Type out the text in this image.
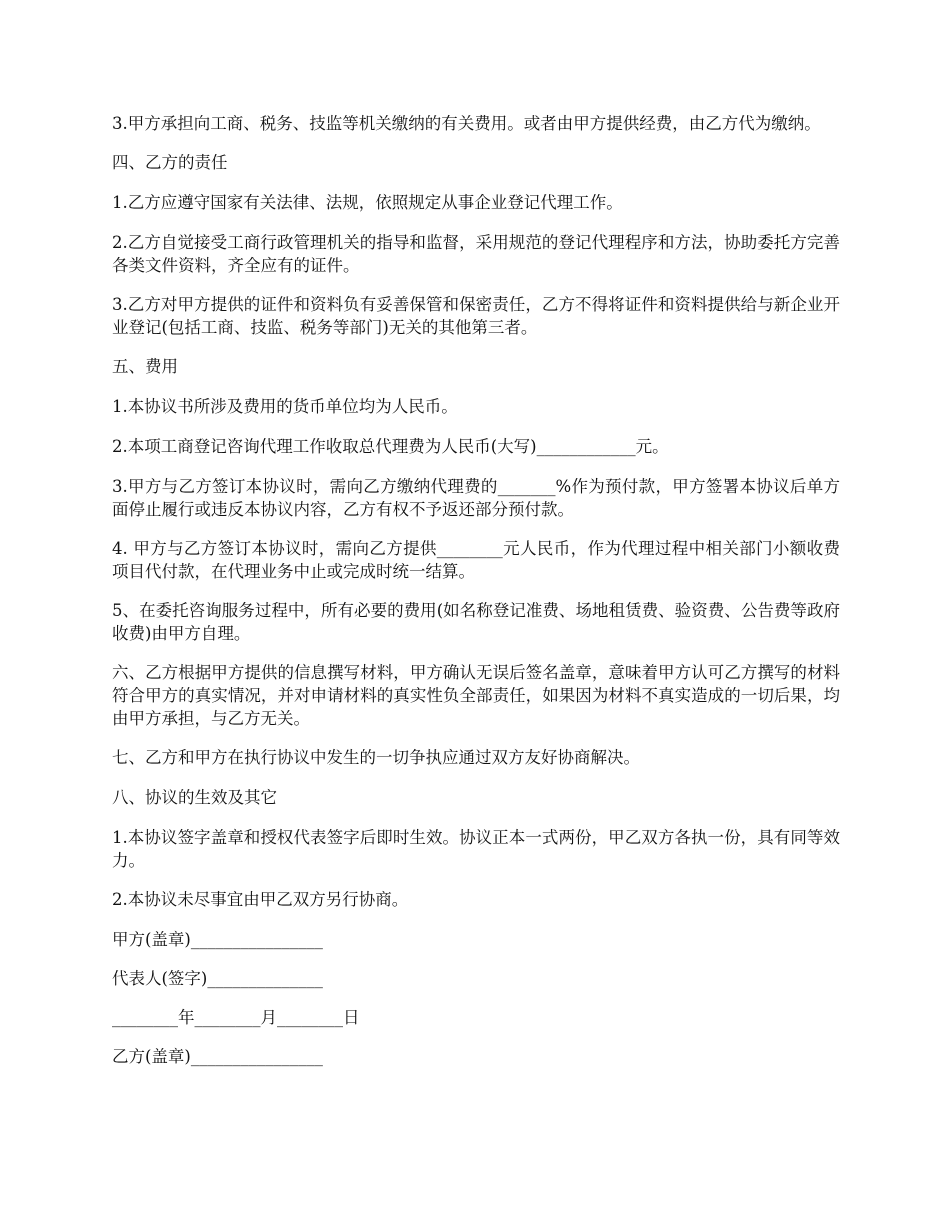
3.甲方承担向工商、税务、技监等机关缴纳的有关费用。或者由甲方提供经费，由乙方代为缴纳。

四、乙方的责任

1.乙方应遵守国家有关法律、法规，依照规定从事企业登记代理工作。

2.乙方自觉接受工商行政管理机关的指导和监督，采用规范的登记代理程序和方法，协助委托方完善各类文件资料，齐全应有的证件。

3.乙方对甲方提供的证件和资料负有妥善保管和保密责任，乙方不得将证件和资料提供给与新企业开业登记(包括工商、技监、税务等部门)无关的其他第三者。

五、费用

1.本协议书所涉及费用的货币单位均为人民币。

2.本项工商登记咨询代理工作收取总代理费为人民币(大写)____________元。

3.甲方与乙方签订本协议时，需向乙方缴纳代理费的_______%作为预付款，甲方签署本协议后单方面停止履行或违反本协议内容，乙方有权不予返还部分预付款。

4. 甲方与乙方签订本协议时，需向乙方提供________元人民币，作为代理过程中相关部门小额收费项目代付款，在代理业务中止或完成时统一结算。

5、在委托咨询服务过程中，所有必要的费用(如名称登记准费、场地租赁费、验资费、公告费等政府收费)由甲方自理。

六、乙方根据甲方提供的信息撰写材料，甲方确认无误后签名盖章，意味着甲方认可乙方撰写的材料符合甲方的真实情况，并对申请材料的真实性负全部责任，如果因为材料不真实造成的一切后果，均由甲方承担，与乙方无关。

七、乙方和甲方在执行协议中发生的一切争执应通过双方友好协商解决。

八、协议的生效及其它

1.本协议签字盖章和授权代表签字后即时生效。协议正本一式两份，甲乙双方各执一份，具有同等效力。

2.本协议未尽事宜由甲乙双方另行协商。

甲方(盖章)________________
代表人(签字)______________
________年________月________日
乙方(盖章)________________
